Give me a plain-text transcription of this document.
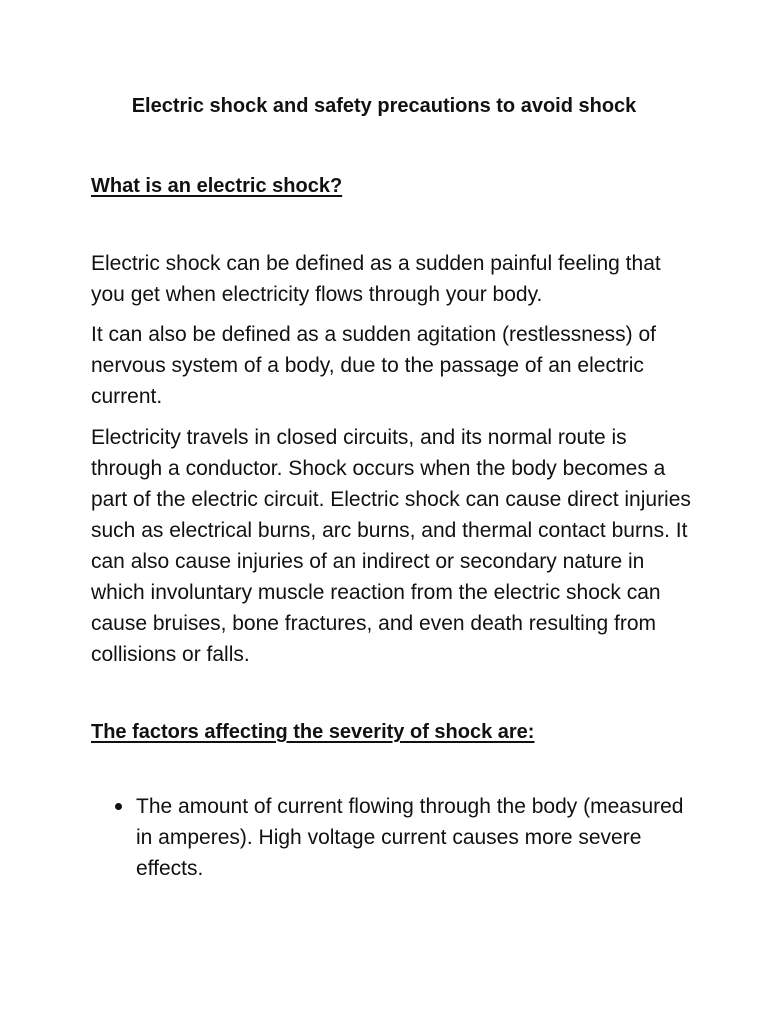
Electric shock and safety precautions to avoid shock
What is an electric shock?

Electric shock can be defined as a sudden painful feeling that you get when electricity flows through your body.

It can also be defined as a sudden agitation (restlessness) of nervous system of a body, due to the passage of an electric current.

Electricity travels in closed circuits, and its normal route is through a conductor. Shock occurs when the body becomes a part of the electric circuit. Electric shock can cause direct injuries such as electrical burns, arc burns, and thermal contact burns. It can also cause injuries of an indirect or secondary nature in which involuntary muscle reaction from the electric shock can cause bruises, bone fractures, and even death resulting from collisions or falls.

The factors affecting the severity of shock are:
The amount of current flowing through the body (measured in amperes). High voltage current causes more severe effects.
